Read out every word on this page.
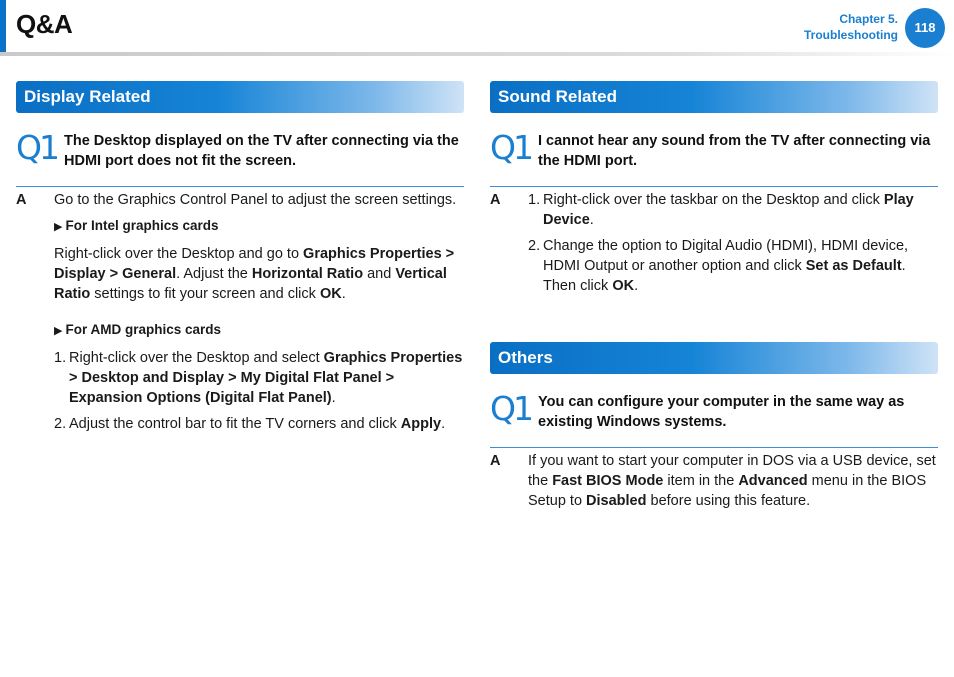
Q&A	Chapter 5.
Troubleshooting	118
Display Related
Q1 The Desktop displayed on the TV after connecting via the HDMI port does not fit the screen.
A Go to the Graphics Control Panel to adjust the screen settings.

▶ For Intel graphics cards

Right-click over the Desktop and go to Graphics Properties > Display > General. Adjust the Horizontal Ratio and Vertical Ratio settings to fit your screen and click OK.

▶ For AMD graphics cards
1. Right-click over the Desktop and select Graphics Properties > Desktop and Display > My Digital Flat Panel > Expansion Options (Digital Flat Panel).
2. Adjust the control bar to fit the TV corners and click Apply.
Sound Related
Q1 I cannot hear any sound from the TV after connecting via the HDMI port.
A 1. Right-click over the taskbar on the Desktop and click Play Device.
2. Change the option to Digital Audio (HDMI), HDMI device, HDMI Output or another option and click Set as Default. Then click OK.
Others
Q1 You can configure your computer in the same way as existing Windows systems.
A If you want to start your computer in DOS via a USB device, set the Fast BIOS Mode item in the Advanced menu in the BIOS Setup to Disabled before using this feature.
